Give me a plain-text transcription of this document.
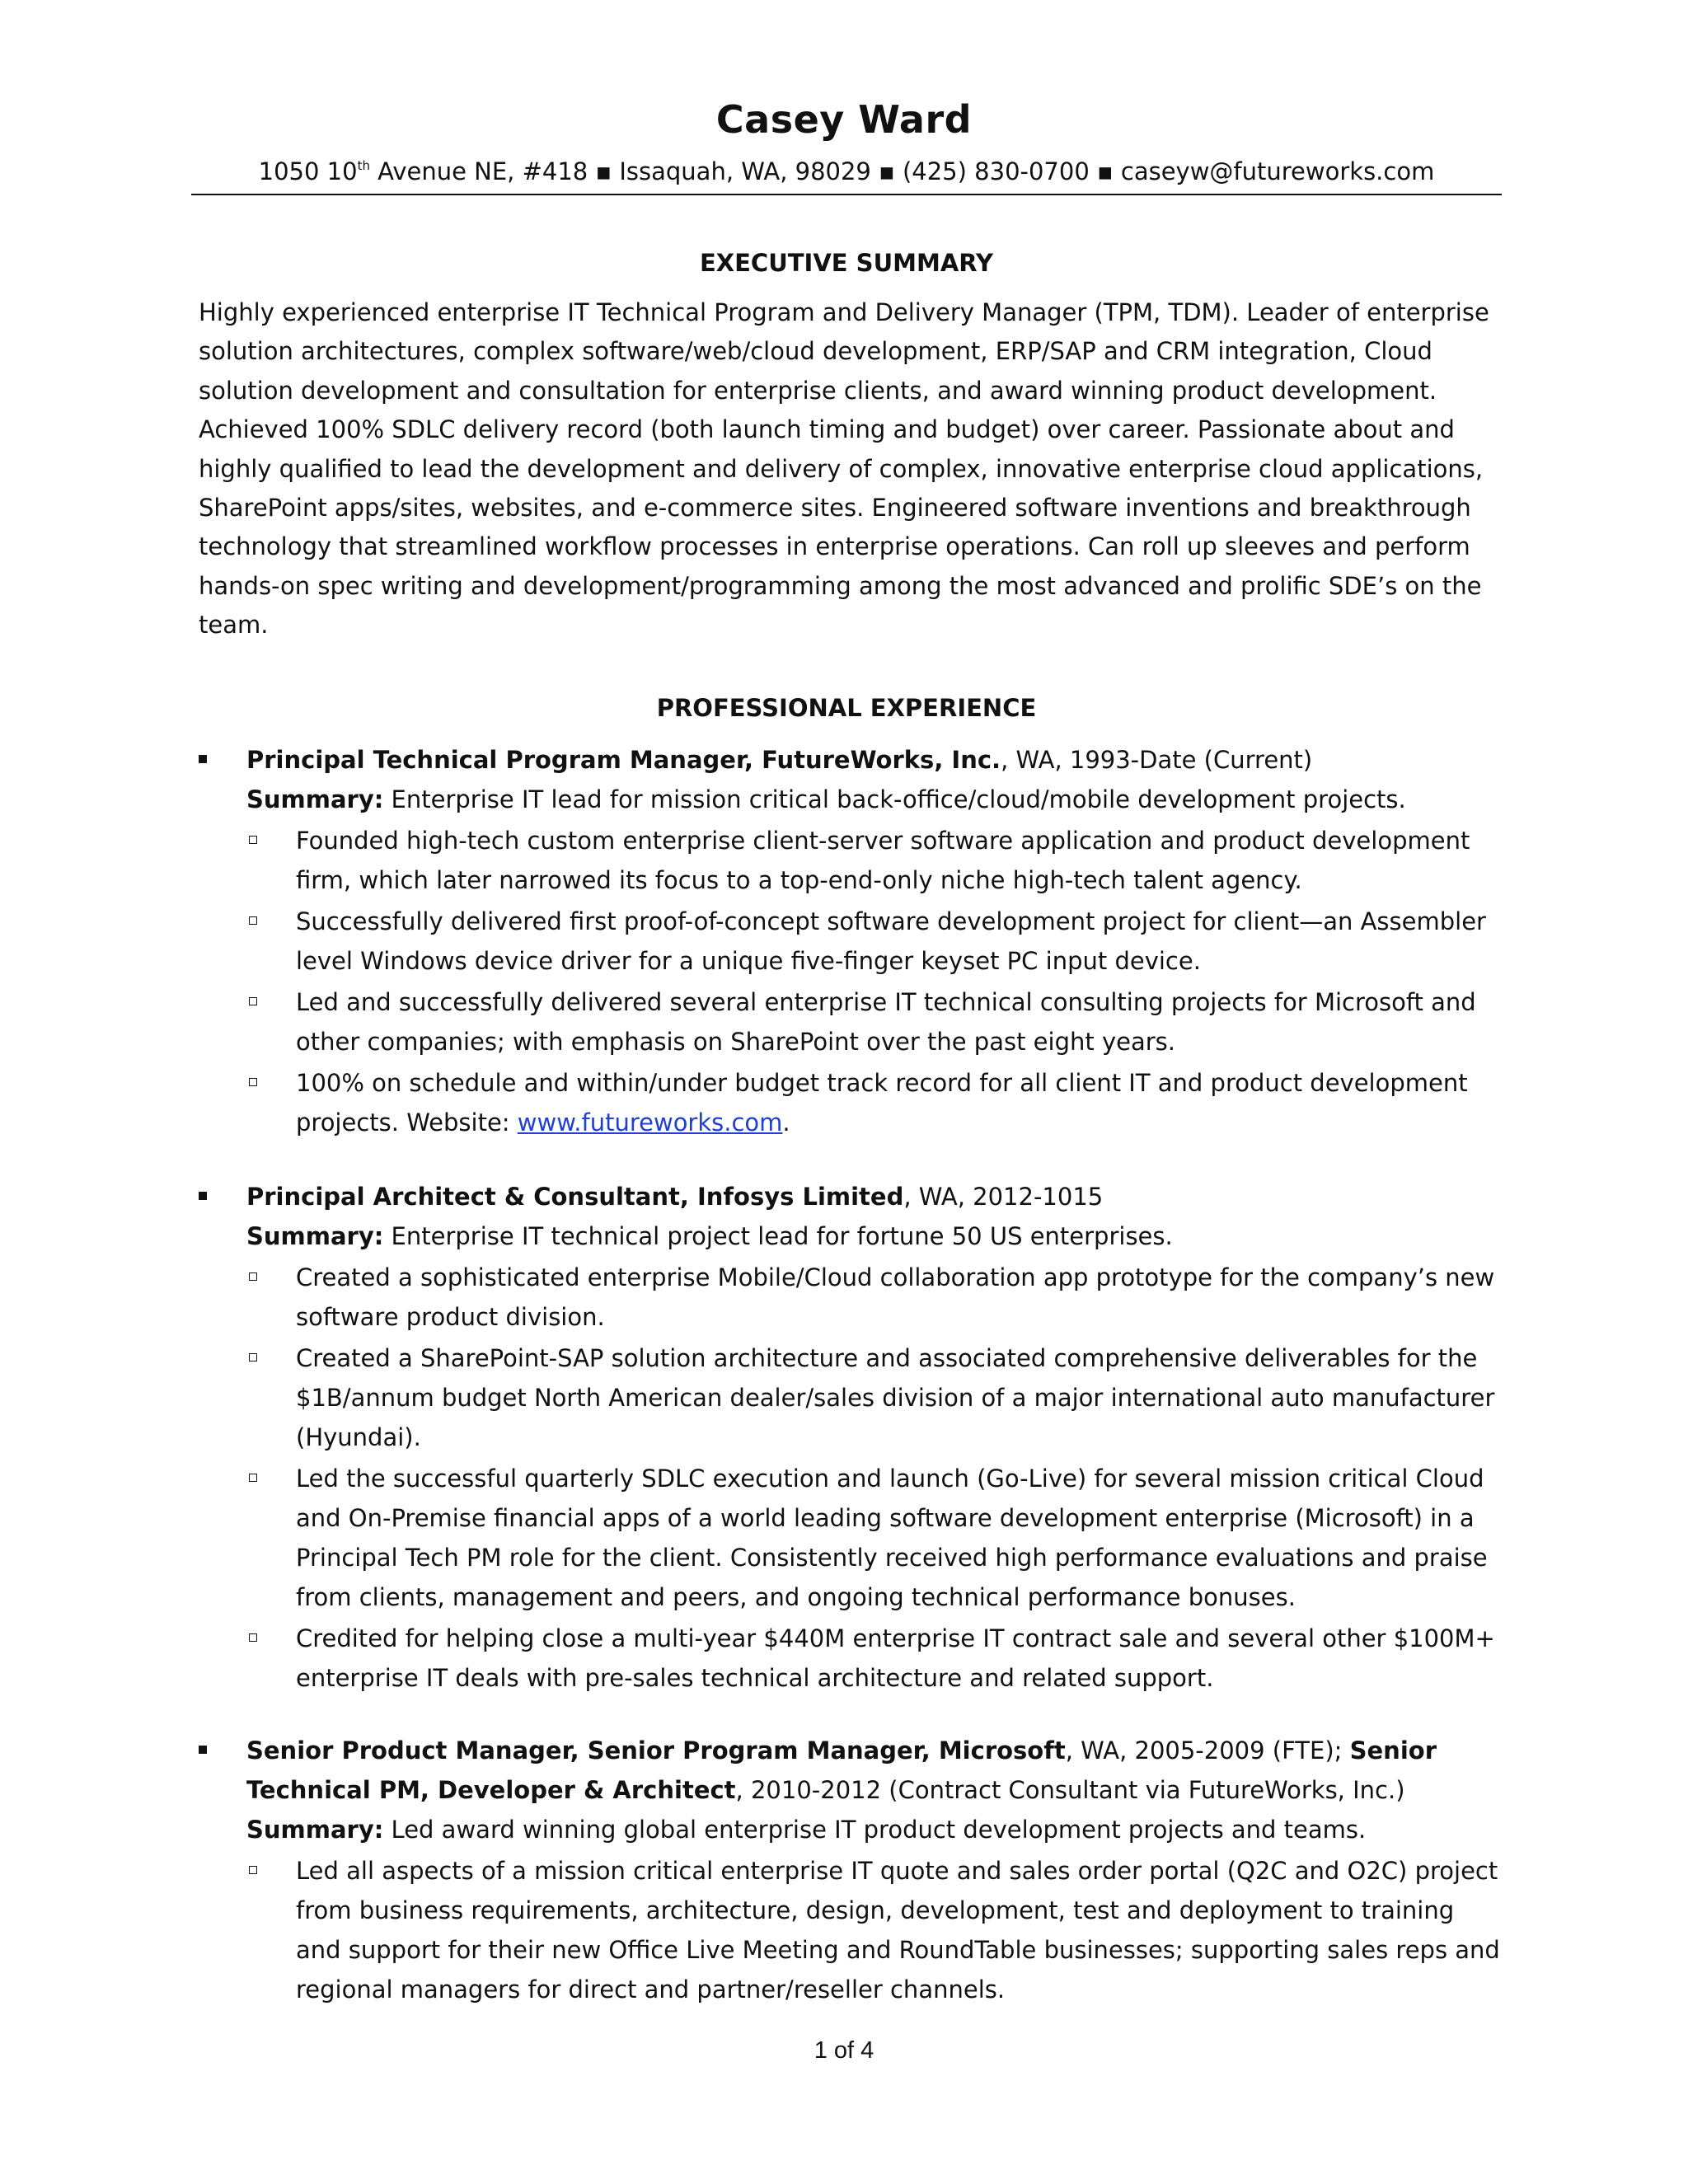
Casey Ward
1050 10th Avenue NE, #418 ▪ Issaquah, WA, 98029 ▪ (425) 830-0700 ▪ caseyw@futureworks.com
EXECUTIVE SUMMARY
Highly experienced enterprise IT Technical Program and Delivery Manager (TPM, TDM). Leader of enterprise solution architectures, complex software/web/cloud development, ERP/SAP and CRM integration, Cloud solution development and consultation for enterprise clients, and award winning product development. Achieved 100% SDLC delivery record (both launch timing and budget) over career. Passionate about and highly qualified to lead the development and delivery of complex, innovative enterprise cloud applications, SharePoint apps/sites, websites, and e-commerce sites. Engineered software inventions and breakthrough technology that streamlined workflow processes in enterprise operations. Can roll up sleeves and perform hands-on spec writing and development/programming among the most advanced and prolific SDE’s on the team.
PROFESSIONAL EXPERIENCE
Principal Technical Program Manager, FutureWorks, Inc., WA, 1993-Date (Current)
Summary: Enterprise IT lead for mission critical back-office/cloud/mobile development projects.
Founded high-tech custom enterprise client-server software application and product development firm, which later narrowed its focus to a top-end-only niche high-tech talent agency.
Successfully delivered first proof-of-concept software development project for client—an Assembler level Windows device driver for a unique five-finger keyset PC input device.
Led and successfully delivered several enterprise IT technical consulting projects for Microsoft and other companies; with emphasis on SharePoint over the past eight years.
100% on schedule and within/under budget track record for all client IT and product development projects. Website: www.futureworks.com.
Principal Architect & Consultant, Infosys Limited, WA, 2012-1015
Summary: Enterprise IT technical project lead for fortune 50 US enterprises.
Created a sophisticated enterprise Mobile/Cloud collaboration app prototype for the company’s new software product division.
Created a SharePoint-SAP solution architecture and associated comprehensive deliverables for the $1B/annum budget North American dealer/sales division of a major international auto manufacturer (Hyundai).
Led the successful quarterly SDLC execution and launch (Go-Live) for several mission critical Cloud and On-Premise financial apps of a world leading software development enterprise (Microsoft) in a Principal Tech PM role for the client. Consistently received high performance evaluations and praise from clients, management and peers, and ongoing technical performance bonuses.
Credited for helping close a multi-year $440M enterprise IT contract sale and several other $100M+ enterprise IT deals with pre-sales technical architecture and related support.
Senior Product Manager, Senior Program Manager, Microsoft, WA, 2005-2009 (FTE); Senior Technical PM, Developer & Architect, 2010-2012 (Contract Consultant via FutureWorks, Inc.)
Summary: Led award winning global enterprise IT product development projects and teams.
Led all aspects of a mission critical enterprise IT quote and sales order portal (Q2C and O2C) project from business requirements, architecture, design, development, test and deployment to training and support for their new Office Live Meeting and RoundTable businesses; supporting sales reps and regional managers for direct and partner/reseller channels.
1 of 4
